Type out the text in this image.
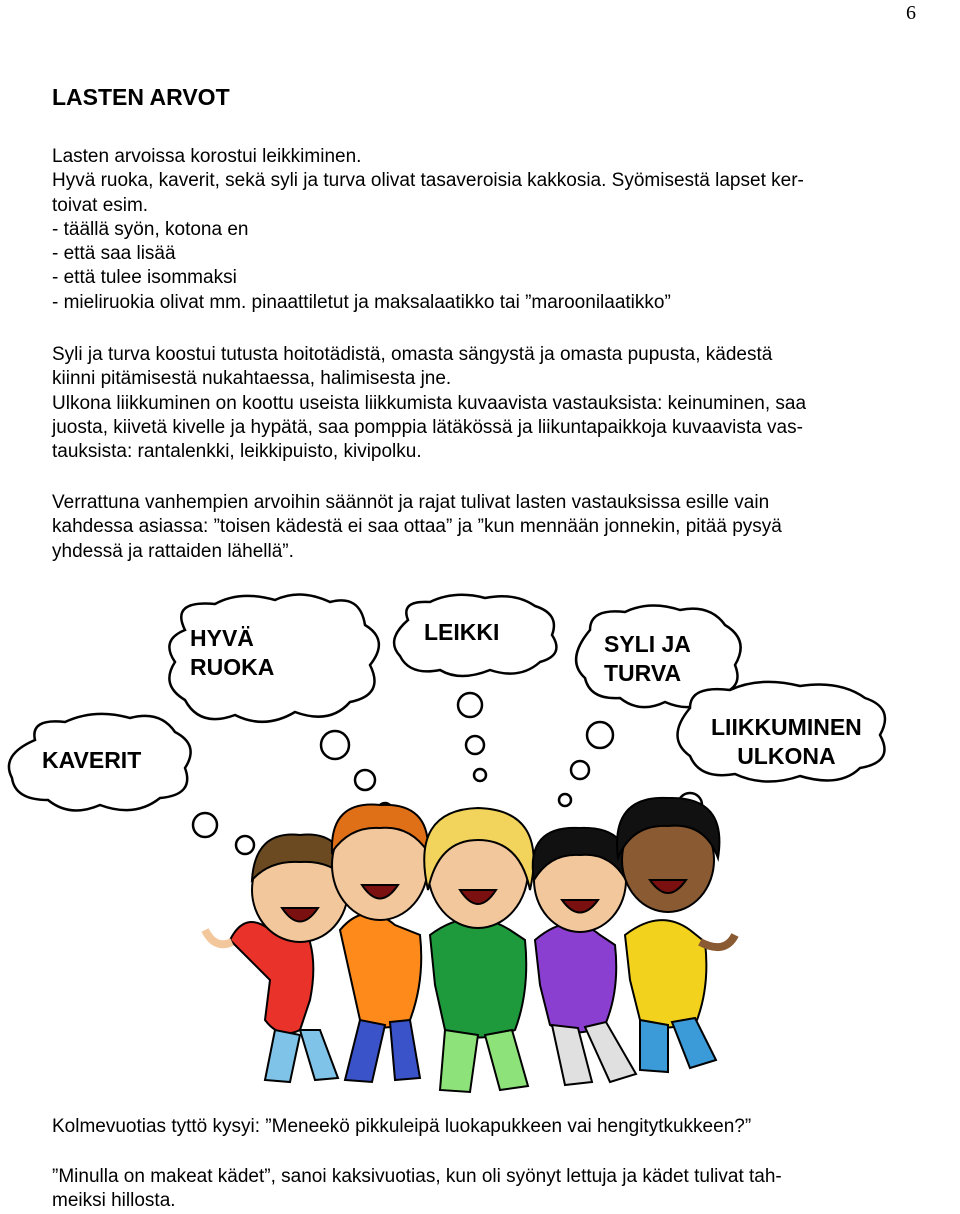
6
LASTEN ARVOT

Lasten arvoissa korostui leikkiminen.
Hyvä ruoka, kaverit, sekä syli ja turva olivat tasaveroisia kakkosia. Syömisestä lapset ker-
toivat esim.
- täällä syön, kotona en
- että saa lisää
- että tulee isommaksi
- mieliruokia olivat mm. pinaattiletut ja maksalaatikko tai ”maroonilaatikko”

Syli ja turva koostui tutusta hoitotädistä, omasta sängystä ja omasta pupusta, kädestä
kiinni pitämisestä nukahtaessa, halimisesta jne.
Ulkona liikkuminen on koottu useista liikkumista kuvaavista vastauksista: keinuminen, saa
juosta, kiivetä kivelle ja hypätä, saa pomppia lätäkössä ja liikuntapaikkoja kuvaavista vas-
tauksista: rantalenkki, leikkipuisto, kivipolku.

Verrattuna vanhempien arvoihin säännöt ja rajat tulivat lasten vastauksissa esille vain
kahdessa asiassa: ”toisen kädestä ei saa ottaa” ja ”kun mennään jonnekin, pitää pysyä
yhdessä ja rattaiden lähellä”.

HYVÄ
RUOKA
LEIKKI	SYLI JA
TURVA
LIIKKUMINEN
ULKONA
KAVERIT

Kolmevuotias tyttö kysyi: ”Meneekö pikkuleipä luokapukkeen vai hengitytkukkeen?”

”Minulla on makeat kädet”, sanoi kaksivuotias, kun oli syönyt lettuja ja kädet tulivat tah-
meiksi hillosta.
